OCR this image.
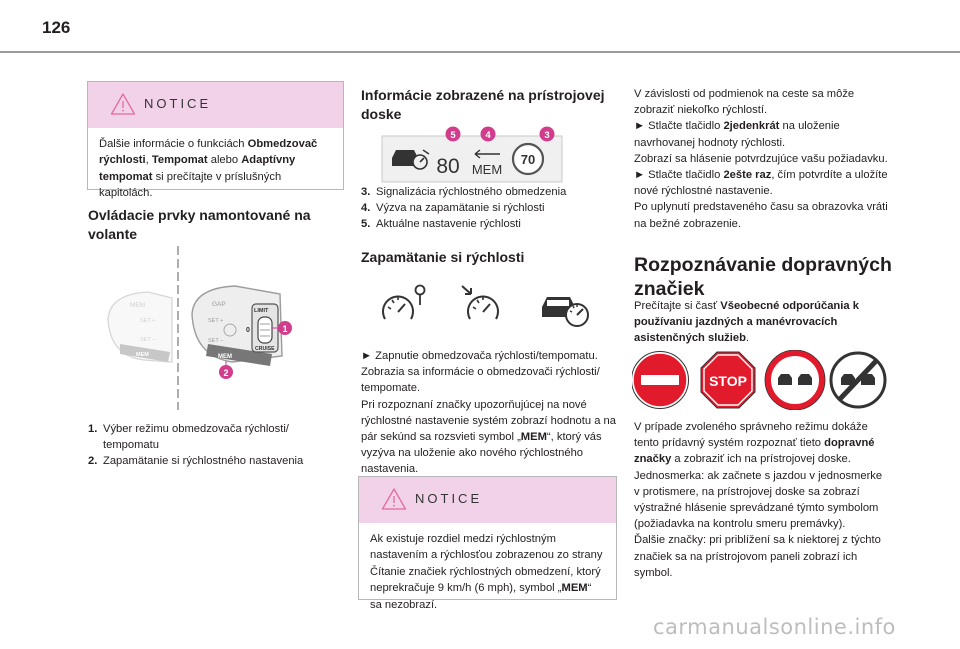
126
NOTICE
Ďalšie informácie o funkciách Obmedzovač rýchlosti, Tempomat alebo Adaptívny tempomat si prečítajte v príslušných kapitolách.
Ovládacie prvky namontované na volante
MEM
SET +
SET –
MEM
GAP
SET +
SET –
MEM
LIMIT
0
CRUISE
1
2
1. Výber režimu obmedzovača rýchlosti/ tempomatu
2. Zapamätanie si rýchlostného nastavenia
Informácie zobrazené na prístrojovej doske
80 MEM
70
5	4	3
3. Signalizácia rýchlostného obmedzenia
4. Výzva na zapamätanie si rýchlosti
5. Aktuálne nastavenie rýchlosti
Zapamätanie si rýchlosti
► Zapnutie obmedzovača rýchlosti/tempomatu.
Zobrazia sa informácie o obmedzovači rýchlosti/ tempomate.
Pri rozpoznaní značky upozorňujúcej na nové rýchlostné nastavenie systém zobrazí hodnotu a na pár sekúnd sa rozsvieti symbol „MEM“, ktorý vás vyzýva na uloženie ako nového rýchlostného nastavenia.
NOTICE
Ak existuje rozdiel medzi rýchlostným nastavením a rýchlosťou zobrazenou zo strany Čítanie značiek rýchlostných obmedzení, ktorý neprekračuje 9 km/h (6 mph), symbol „MEM“ sa nezobrazí.
V závislosti od podmienok na ceste sa môže zobraziť niekoľko rýchlostí.
► Stlačte tlačidlo 2jedenkrát na uloženie navrhovanej hodnoty rýchlosti.
Zobrazí sa hlásenie potvrdzujúce vašu požiadavku.
► Stlačte tlačidlo 2ešte raz, čím potvrdíte a uložíte nové rýchlostné nastavenie.
Po uplynutí predstaveného času sa obrazovka vráti na bežné zobrazenie.
Rozpoznávanie dopravných značiek
Prečítajte si časť Všeobecné odporúčania k používaniu jazdných a manévrovacích asistenčných služieb.
STOP
V prípade zvoleného správneho režimu dokáže tento prídavný systém rozpoznať tieto dopravné značky a zobraziť ich na prístrojovej doske.
Jednosmerka: ak začnete s jazdou v jednosmerke v protismere, na prístrojovej doske sa zobrazí výstražné hlásenie sprevádzané týmto symbolom (požiadavka na kontrolu smeru premávky).
Ďalšie značky: pri priblížení sa k niektorej z týchto značiek sa na prístrojovom paneli zobrazí ich symbol.
carmanualsonline.info
